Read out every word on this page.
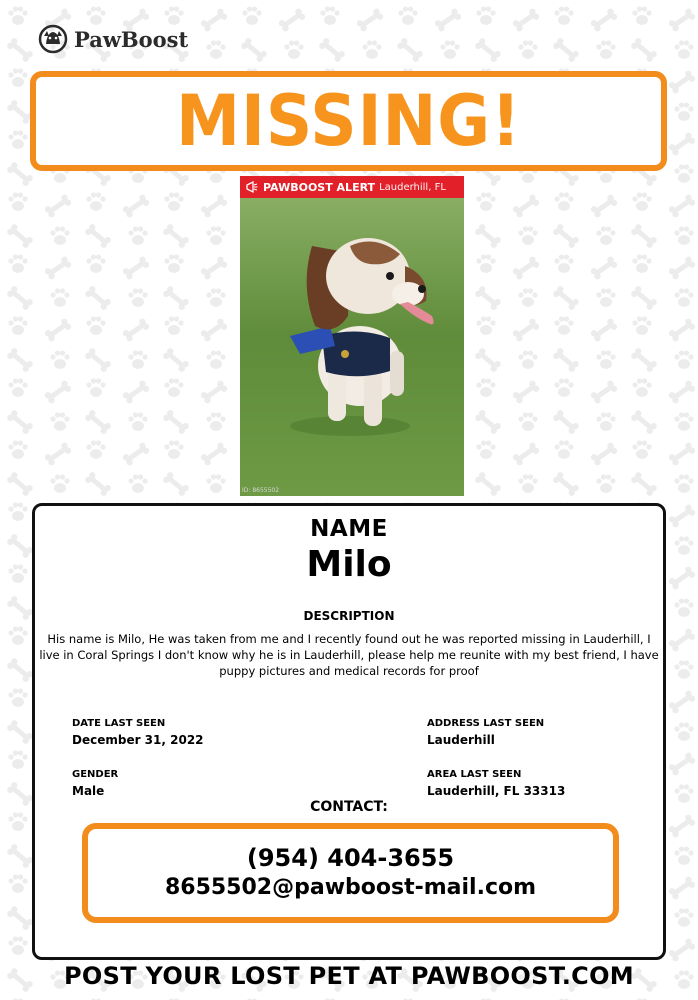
PawBoost
MISSING!
PAWBOOST ALERT Lauderhill, FL
ID: 8655502
NAME
Milo
DESCRIPTION
His name is Milo, He was taken from me and I recently found out he was reported missing in Lauderhill, I live in Coral Springs I don't know why he is in Lauderhill, please help me reunite with my best friend, I have puppy pictures and medical records for proof
DATE LAST SEEN
December 31, 2022
ADDRESS LAST SEEN
Lauderhill
GENDER
Male
AREA LAST SEEN
Lauderhill, FL 33313
CONTACT:
(954) 404-3655
8655502@pawboost-mail.com
POST YOUR LOST PET AT PAWBOOST.COM
